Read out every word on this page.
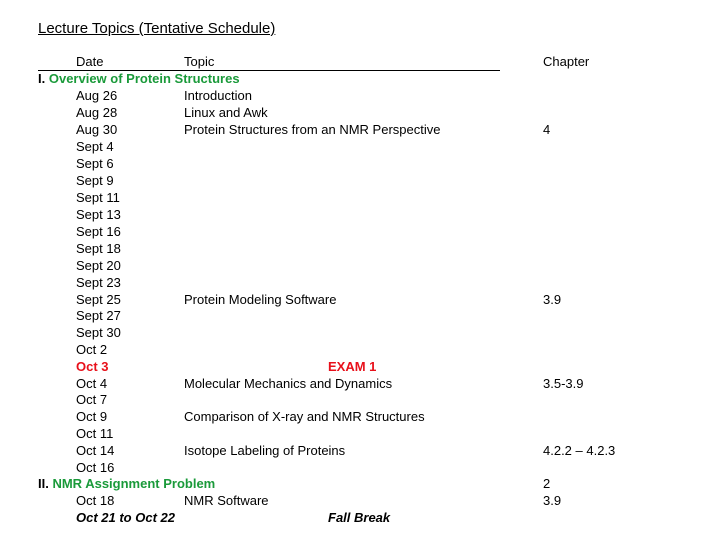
Lecture Topics (Tentative Schedule)
Date	Topic	Chapter
I. Overview of Protein Structures
Aug 26	Introduction
Aug 28	Linux and Awk
Aug 30	Protein Structures from an NMR Perspective	4
Sept 4
Sept 6
Sept 9
Sept 11
Sept 13
Sept 16
Sept 18
Sept 20
Sept 23
Sept 25	Protein Modeling Software	3.9
Sept 27
Sept 30
Oct 2
Oct 3	EXAM 1
Oct 4	Molecular Mechanics and Dynamics	3.5-3.9
Oct 7
Oct 9	Comparison of X-ray and NMR Structures
Oct 11
Oct 14	Isotope Labeling of Proteins	4.2.2 – 4.2.3
Oct 16
II. NMR Assignment Problem	2
Oct 18	NMR Software	3.9
Oct 21 to Oct 22	Fall Break
